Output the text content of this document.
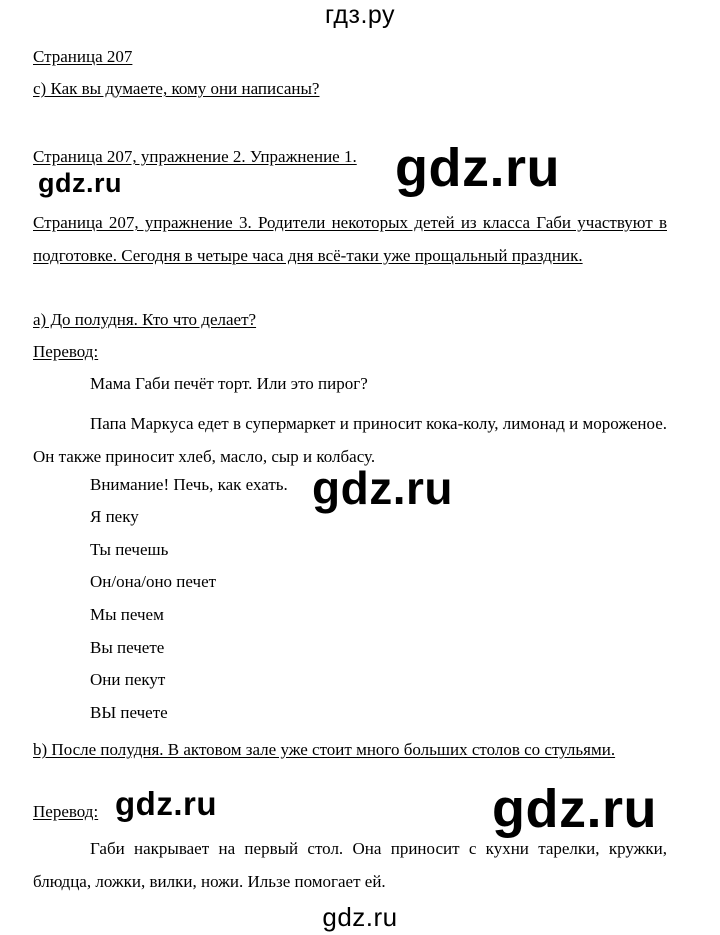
гдз.ру
Страница 207
c) Как вы думаете, кому они написаны?
Страница 207, упражнение 2. Упражнение 1. gdz.ru
gdz.ru
Страница 207, упражнение 3. Родители некоторых детей из класса Габи участвуют в подготовке. Сегодня в четыре часа дня всё-таки уже прощальный праздник.
a) До полудня. Кто что делает?
Перевод:
Мама Габи печёт торт. Или это пирог?
Папа Маркуса едет в супермаркет и приносит кока-колу, лимонад и мороженое. Он также приносит хлеб, масло, сыр и колбасу.
Внимание! Печь, как ехать. gdz.ru
Я пеку
Ты печешь
Он/она/оно печет
Мы печем
Вы печете
Они пекут
ВЫ печете
b) После полудня. В актовом зале уже стоит много больших столов со стульями.
Перевод: gdz.ru	gdz.ru
Габи накрывает на первый стол. Она приносит с кухни тарелки, кружки, блюдца, ложки, вилки, ножи. Ильзе помогает ей.
gdz.ru
